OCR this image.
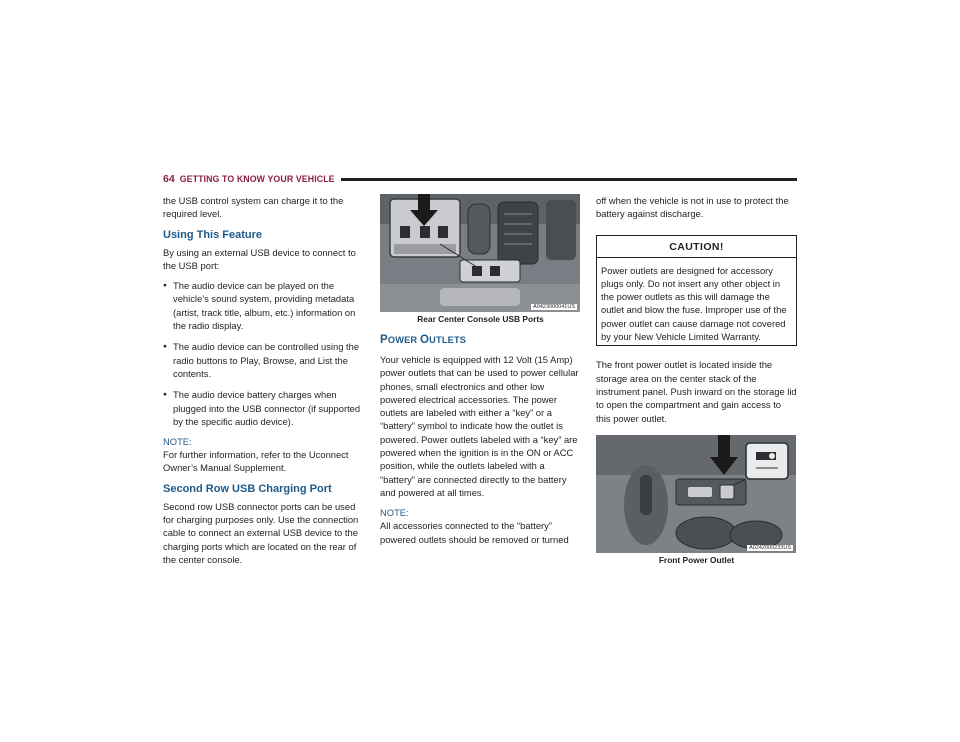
64 GETTING TO KNOW YOUR VEHICLE

the USB control system can charge it to the required level.

Using This Feature

By using an external USB device to connect to the USB port:

● The audio device can be played on the vehicle’s sound system, providing metadata (artist, track title, album, etc.) information on the radio display.
● The audio device can be controlled using the radio buttons to Play, Browse, and List the contents.
● The audio device battery charges when plugged into the USB connector (if supported by the specific audio device).
NOTE:

For further information, refer to the Uconnect Owner’s Manual Supplement.

Second Row USB Charging Port

Second row USB connector ports can be used for charging purposes only. Use the connection cable to connect an external USB device to the charging ports which are located on the rear of the center console.

A0423000041US
Rear Center Console USB Ports
POWER OUTLETS

Your vehicle is equipped with 12 Volt (15 Amp) power outlets that can be used to power cellular phones, small electronics and other low powered electrical accessories. The power outlets are labeled with either a “key” or a “battery” symbol to indicate how the outlet is powered. Power outlets labeled with a “key” are powered when the ignition is in the ON or ACC position, while the outlets labeled with a “battery” are connected directly to the battery and powered at all times.

NOTE:

All accessories connected to the “battery” powered outlets should be removed or turned

off when the vehicle is not in use to protect the battery against discharge.

CAUTION!

Power outlets are designed for accessory plugs only. Do not insert any other object in the power outlets as this will damage the outlet and blow the fuse. Improper use of the power outlet can cause damage not covered by your New Vehicle Limited Warranty.

The front power outlet is located inside the storage area on the center stack of the instrument panel. Push inward on the storage lid to open the compartment and gain access to this power outlet.

A0242000233US
Front Power Outlet
